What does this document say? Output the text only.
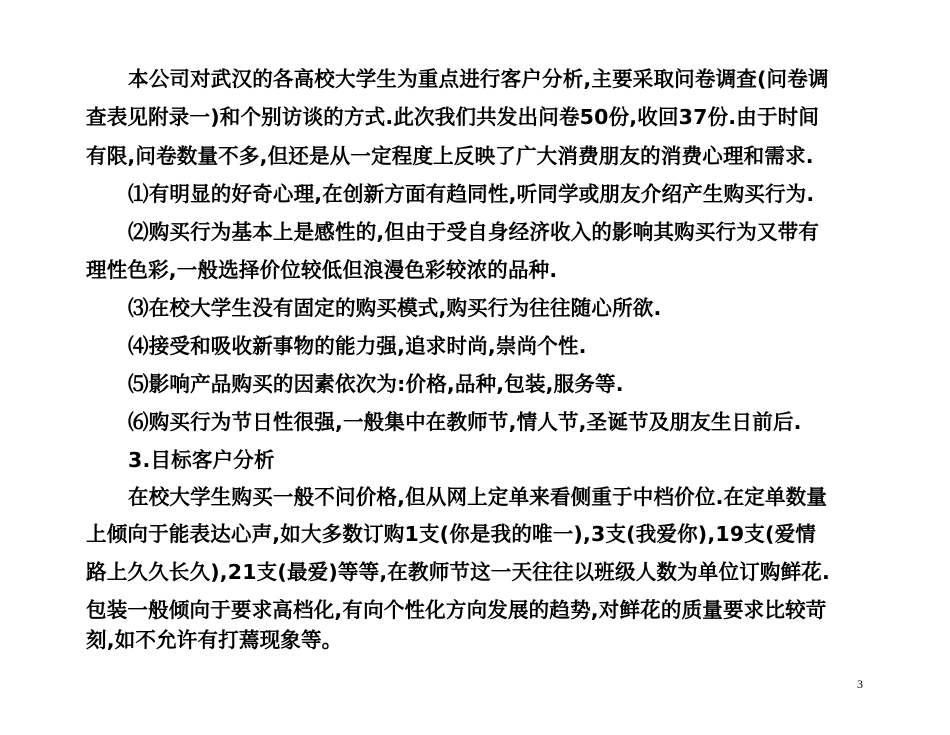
本公司对武汉的各高校大学生为重点进行客户分析,主要采取问卷调查(问卷调
查表见附录一)和个别访谈的方式.此次我们共发出问卷50份,收回37份.由于时间
有限,问卷数量不多,但还是从一定程度上反映了广大消费朋友的消费心理和需求.
⑴有明显的好奇心理,在创新方面有趋同性,听同学或朋友介绍产生购买行为.
⑵购买行为基本上是感性的,但由于受自身经济收入的影响其购买行为又带有
理性色彩,一般选择价位较低但浪漫色彩较浓的品种.
⑶在校大学生没有固定的购买模式,购买行为往往随心所欲.
⑷接受和吸收新事物的能力强,追求时尚,崇尚个性.
⑸影响产品购买的因素依次为:价格,品种,包装,服务等.
⑹购买行为节日性很强,一般集中在教师节,情人节,圣诞节及朋友生日前后.
3.目标客户分析
在校大学生购买一般不问价格,但从网上定单来看侧重于中档价位.在定单数量
上倾向于能表达心声,如大多数订购1支(你是我的唯一),3支(我爱你),19支(爱情
路上久久长久),21支(最爱)等等,在教师节这一天往往以班级人数为单位订购鲜花.
包装一般倾向于要求高档化,有向个性化方向发展的趋势,对鲜花的质量要求比较苛
刻,如不允许有打蔫现象等。
3
